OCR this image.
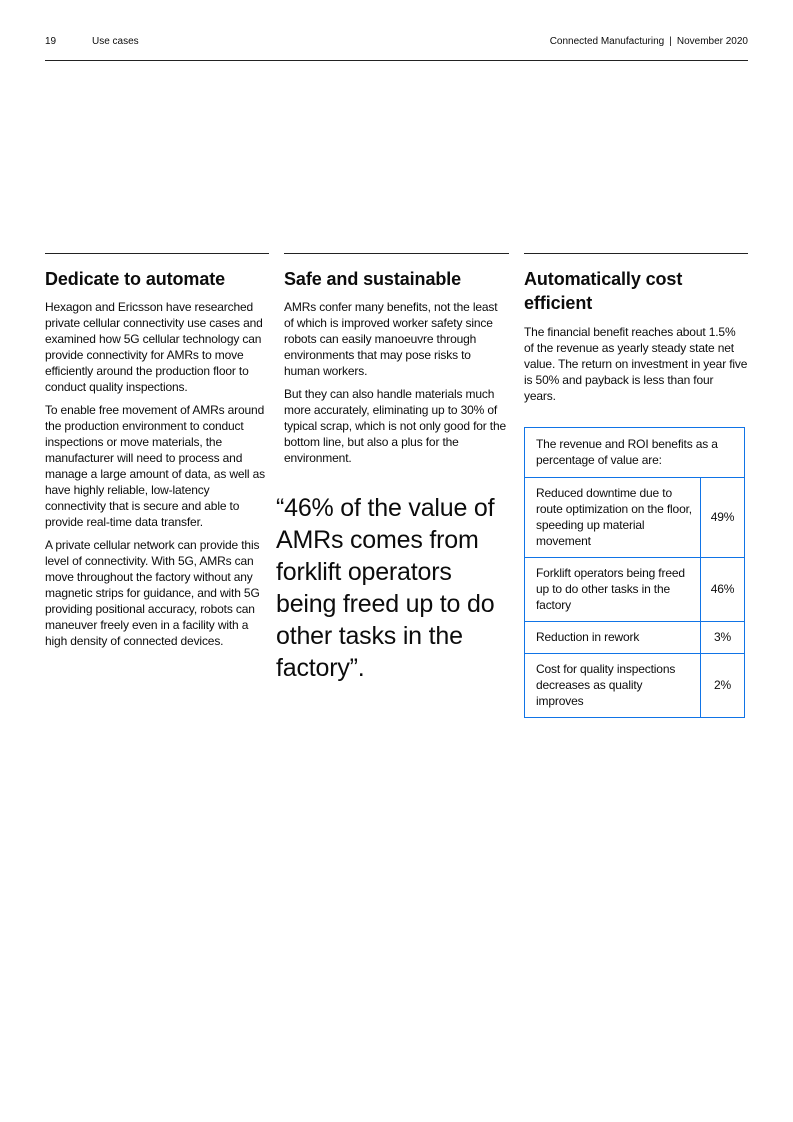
19	Use cases	Connected Manufacturing | November 2020
Dedicate to automate

Hexagon and Ericsson have researched private cellular connectivity use cases and examined how 5G cellular technology can provide connectivity for AMRs to move efficiently around the production floor to conduct quality inspections.

To enable free movement of AMRs around the production environment to conduct inspections or move materials, the manufacturer will need to process and manage a large amount of data, as well as have highly reliable, low-latency connectivity that is secure and able to provide real-time data transfer.

A private cellular network can provide this level of connectivity. With 5G, AMRs can move throughout the factory without any magnetic strips for guidance, and with 5G providing positional accuracy, robots can maneuver freely even in a facility with a high density of connected devices.

Safe and sustainable

AMRs confer many benefits, not the least of which is improved worker safety since robots can easily manoeuvre through environments that may pose risks to human workers.

But they can also handle materials much more accurately, eliminating up to 30% of typical scrap, which is not only good for the bottom line, but also a plus for the environment.

“46% of the value of AMRs comes from forklift operators being freed up to do other tasks in the factory”.
Automatically cost efficient

The financial benefit reaches about 1.5% of the revenue as yearly steady state net value. The return on investment in year five is 50% and payback is less than four years.

The revenue and ROI benefits as a percentage of value are:	
Reduced downtime due to route optimization on the floor, speeding up material movement	49%
Forklift operators being freed up to do other tasks in the factory	46%
Reduction in rework	3%
Cost for quality inspections decreases as quality improves	2%
